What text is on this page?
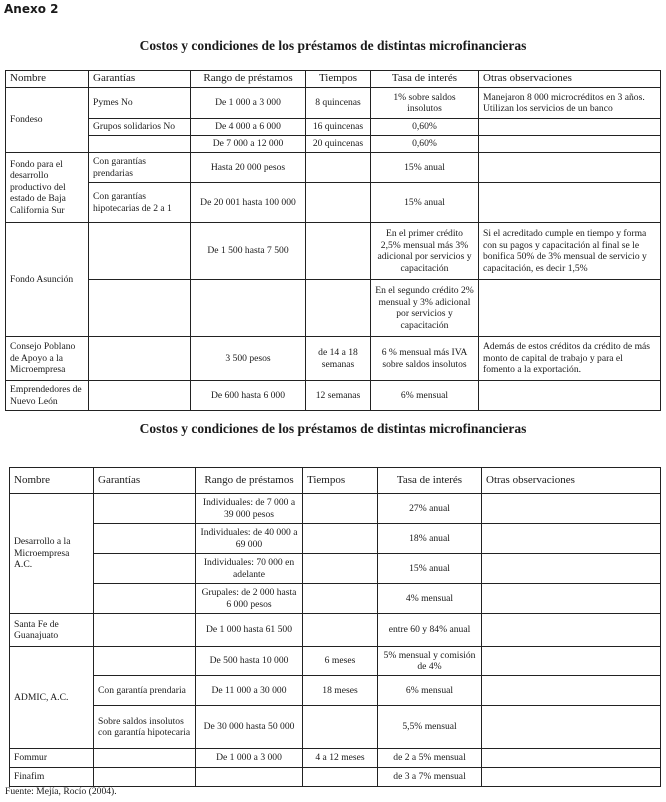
Anexo 2
Costos y condiciones de los préstamos de distintas microfinancieras
Nombre	Garantías	Rango de préstamos	Tiempos	Tasa de interés	Otras observaciones
Fondeso	Pymes No	De 1 000 a 3 000	8 quincenas	1% sobre saldos insolutos	Manejaron 8 000 microcréditos en 3 años. Utilizan los servicios de un banco
	Grupos solidarios No	De 4 000 a 6 000	16 quincenas	0,60%	
		De 7 000 a 12 000	20 quincenas	0,60%	
Fondo para el desarrollo productivo del estado de Baja California Sur	Con garantías prendarias	Hasta 20 000 pesos		15% anual	
	Con garantías hipotecarias de 2 a 1	De 20 001 hasta 100 000		15% anual	
Fondo Asunción		De 1 500 hasta 7 500		En el primer crédito 2,5% mensual más 3% adicional por servicios y capacitación	Si el acreditado cumple en tiempo y forma con su pagos y capacitación al final se le bonifica 50% de 3% mensual de servicio y capacitación, es decir 1,5%
				En el segundo crédito 2% mensual y 3% adicional por servicios y capacitación	
Consejo Poblano de Apoyo a la Microempresa		3 500 pesos	de 14 a 18 semanas	6 % mensual más IVA sobre saldos insolutos	Además de estos créditos da crédito de más monto de capital de trabajo y para el fomento a la exportación.
Emprendedores de Nuevo León		De 600 hasta 6 000	12 semanas	6% mensual	
Costos y condiciones de los préstamos de distintas microfinancieras
Nombre	Garantías	Rango de préstamos	Tiempos	Tasa de interés	Otras observaciones
Desarrollo a la Microempresa A.C.		Individuales: de 7 000 a 39 000 pesos		27% anual	
		Individuales: de 40 000 a 69 000		18% anual	
		Individuales: 70 000 en adelante		15% anual	
		Grupales: de 2 000 hasta 6 000 pesos		4% mensual	
Santa Fe de Guanajuato		De 1 000 hasta 61 500		entre 60 y 84% anual	
ADMIC, A.C.		De 500 hasta 10 000	6 meses	5% mensual y comisión de 4%	
	Con garantía prendaria	De 11 000 a 30 000	18 meses	6% mensual	
	Sobre saldos insolutos con garantía hipotecaria	De 30 000 hasta 50 000		5,5% mensual	
Fommur		De 1 000 a 3 000	4 a 12 meses	de 2 a 5% mensual	
Finafim				de 3 a 7% mensual	
Fuente: Mejía, Rocío (2004).
